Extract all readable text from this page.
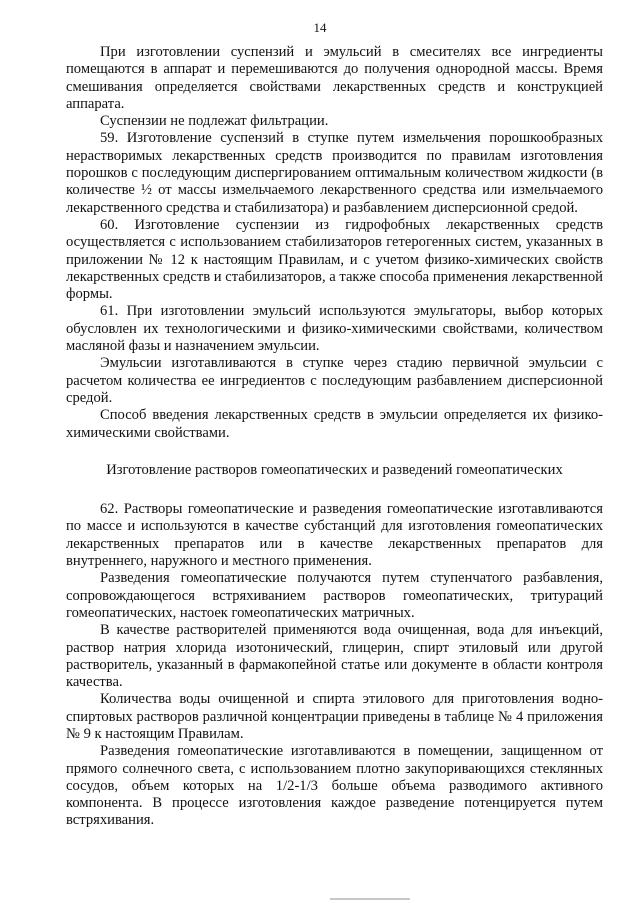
14

При изготовлении суспензий и эмульсий в смесителях все ингредиенты помещаются в аппарат и перемешиваются до получения однородной массы. Время смешивания определяется свойствами лекарственных средств и конструкцией аппарата.

Суспензии не подлежат фильтрации.

59. Изготовление суспензий в ступке путем измельчения порошкообразных нерастворимых лекарственных средств производится по правилам изготовления порошков с последующим диспергированием оптимальным количеством жидкости (в количестве ½ от массы измельчаемого лекарственного средства или измельчаемого лекарственного средства и стабилизатора) и разбавлением дисперсионной средой.

60. Изготовление суспензии из гидрофобных лекарственных средств осуществляется с использованием стабилизаторов гетерогенных систем, указанных в приложении № 12 к настоящим Правилам, и с учетом физико-химических свойств лекарственных средств и стабилизаторов, а также способа применения лекарственной формы.

61. При изготовлении эмульсий используются эмульгаторы, выбор которых обусловлен их технологическими и физико-химическими свойствами, количеством масляной фазы и назначением эмульсии.

Эмульсии изготавливаются в ступке через стадию первичной эмульсии с расчетом количества ее ингредиентов с последующим разбавлением дисперсионной средой.

Способ введения лекарственных средств в эмульсии определяется их физико-химическими свойствами.

Изготовление растворов гомеопатических и разведений гомеопатических

62. Растворы гомеопатические и разведения гомеопатические изготавливаются по массе и используются в качестве субстанций для изготовления гомеопатических лекарственных препаратов или в качестве лекарственных препаратов для внутреннего, наружного и местного применения.

Разведения гомеопатические получаются путем ступенчатого разбавления, сопровождающегося встряхиванием растворов гомеопатических, тритураций гомеопатических, настоек гомеопатических матричных.

В качестве растворителей применяются вода очищенная, вода для инъекций, раствор натрия хлорида изотонический, глицерин, спирт этиловый или другой растворитель, указанный в фармакопейной статье или документе в области контроля качества.

Количества воды очищенной и спирта этилового для приготовления водно-спиртовых растворов различной концентрации приведены в таблице № 4 приложения № 9 к настоящим Правилам.

Разведения гомеопатические изготавливаются в помещении, защищенном от прямого солнечного света, с использованием плотно закупоривающихся стеклянных сосудов, объем которых на 1/2-1/3 больше объема разводимого активного компонента. В процессе изготовления каждое разведение потенцируется путем встряхивания.
